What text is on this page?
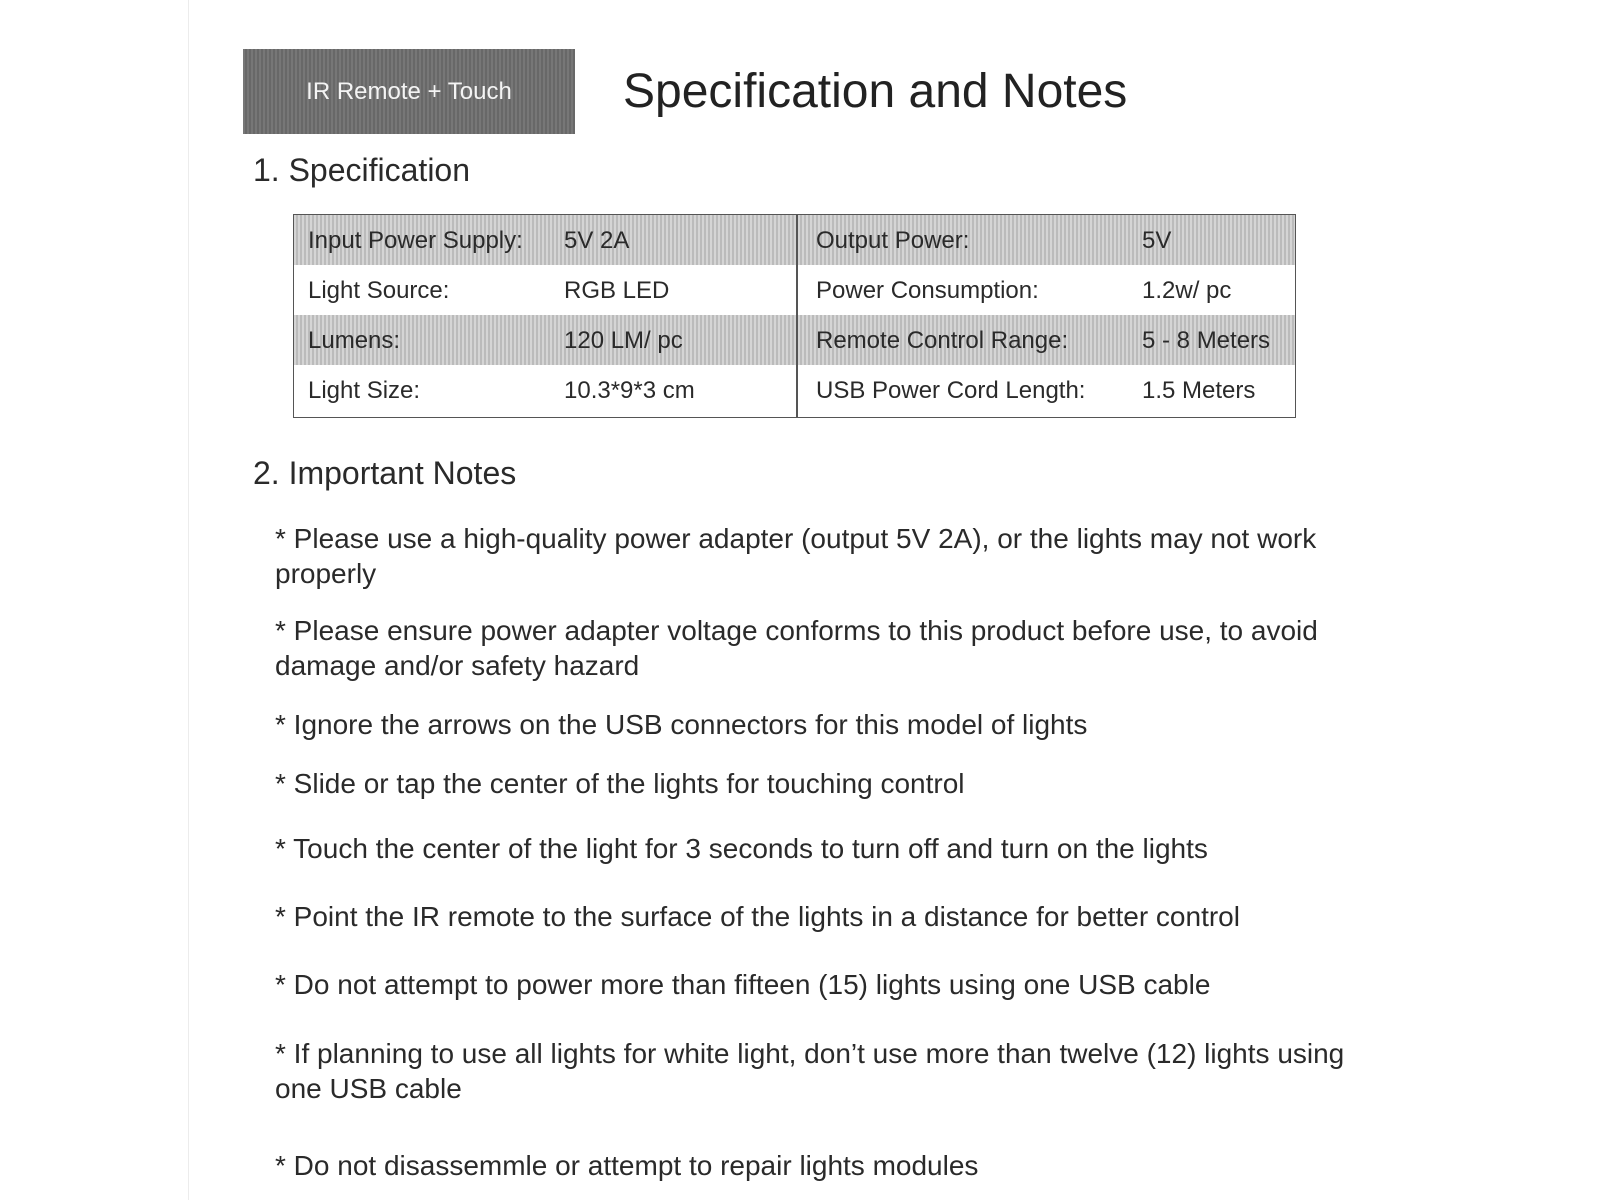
IR Remote + Touch Specification and Notes
1. Specification
Input Power Supply: 5V 2A	Output Power:	5V
Light Source:	RGB LED	Power Consumption:	1.2w/ pc
Lumens:	120 LM/ pc	Remote Control Range:	5 - 8 Meters
Light Size:	10.3*9*3 cm	USB Power Cord Length: 1.5 Meters
2. Important Notes
* Please use a high-quality power adapter (output 5V 2A), or the lights may not work properly
* Please ensure power adapter voltage conforms to this product before use, to avoid damage and/or safety hazard
* Ignore the arrows on the USB connectors for this model of lights
* Slide or tap the center of the lights for touching control
* Touch the center of the light for 3 seconds to turn off and turn on the lights
* Point the IR remote to the surface of the lights in a distance for better control
* Do not attempt to power more than fifteen (15) lights using one USB cable
* If planning to use all lights for white light, don’t use more than twelve (12) lights using one USB cable
* Do not disassemmle or attempt to repair lights modules
